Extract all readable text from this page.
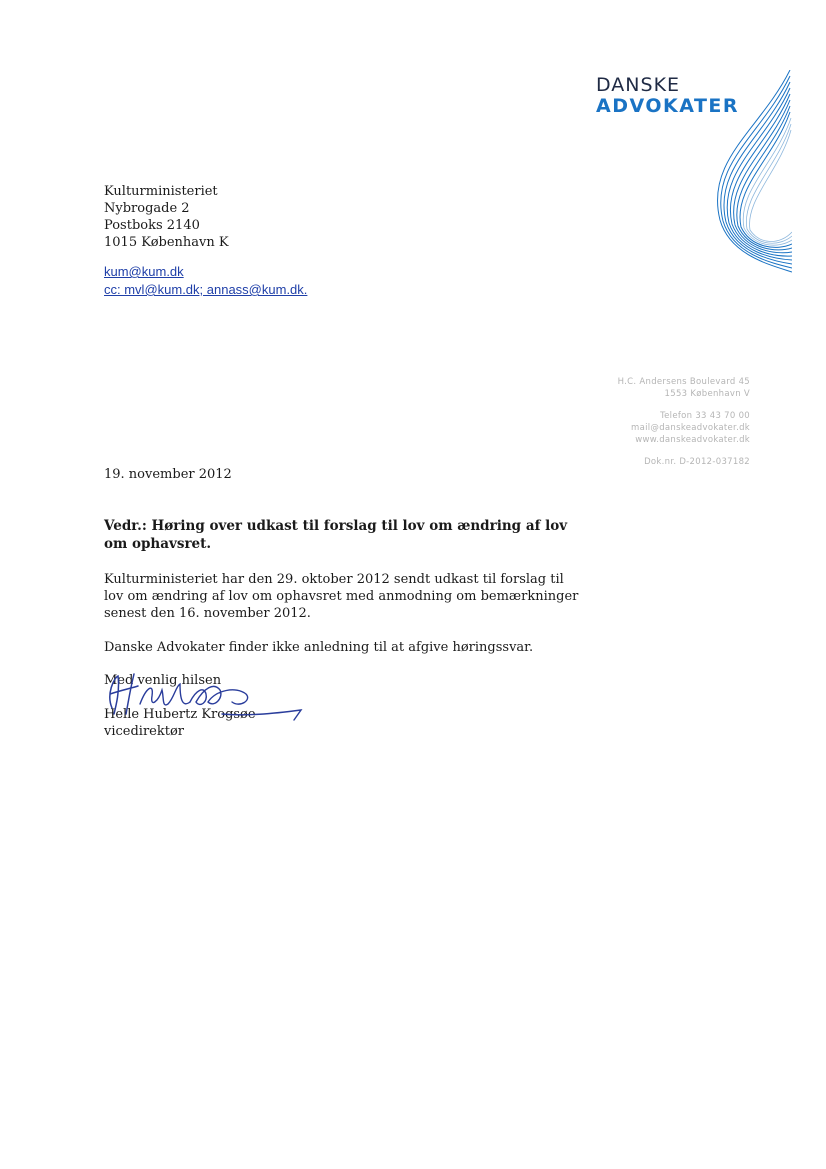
DANSKE
ADVOKATER
Kulturministeriet
Nybrogade 2
Postboks 2140
1015 København K
kum@kum.dk
cc: mvl@kum.dk; annass@kum.dk.
H.C. Andersens Boulevard 45
1553 København V
Telefon 33 43 70 00
mail@danskeadvokater.dk
www.danskeadvokater.dk
Dok.nr. D-2012-037182
19. november 2012
Vedr.: Høring over udkast til forslag til lov om ændring af lov om ophavsret.
Kulturministeriet har den 29. oktober 2012 sendt udkast til forslag til lov om ændring af lov om ophavsret med anmodning om bemærkninger senest den 16. november 2012.
Danske Advokater finder ikke anledning til at afgive høringssvar.
Med venlig hilsen
Helle Hubertz Krogsøe
vicedirektør
